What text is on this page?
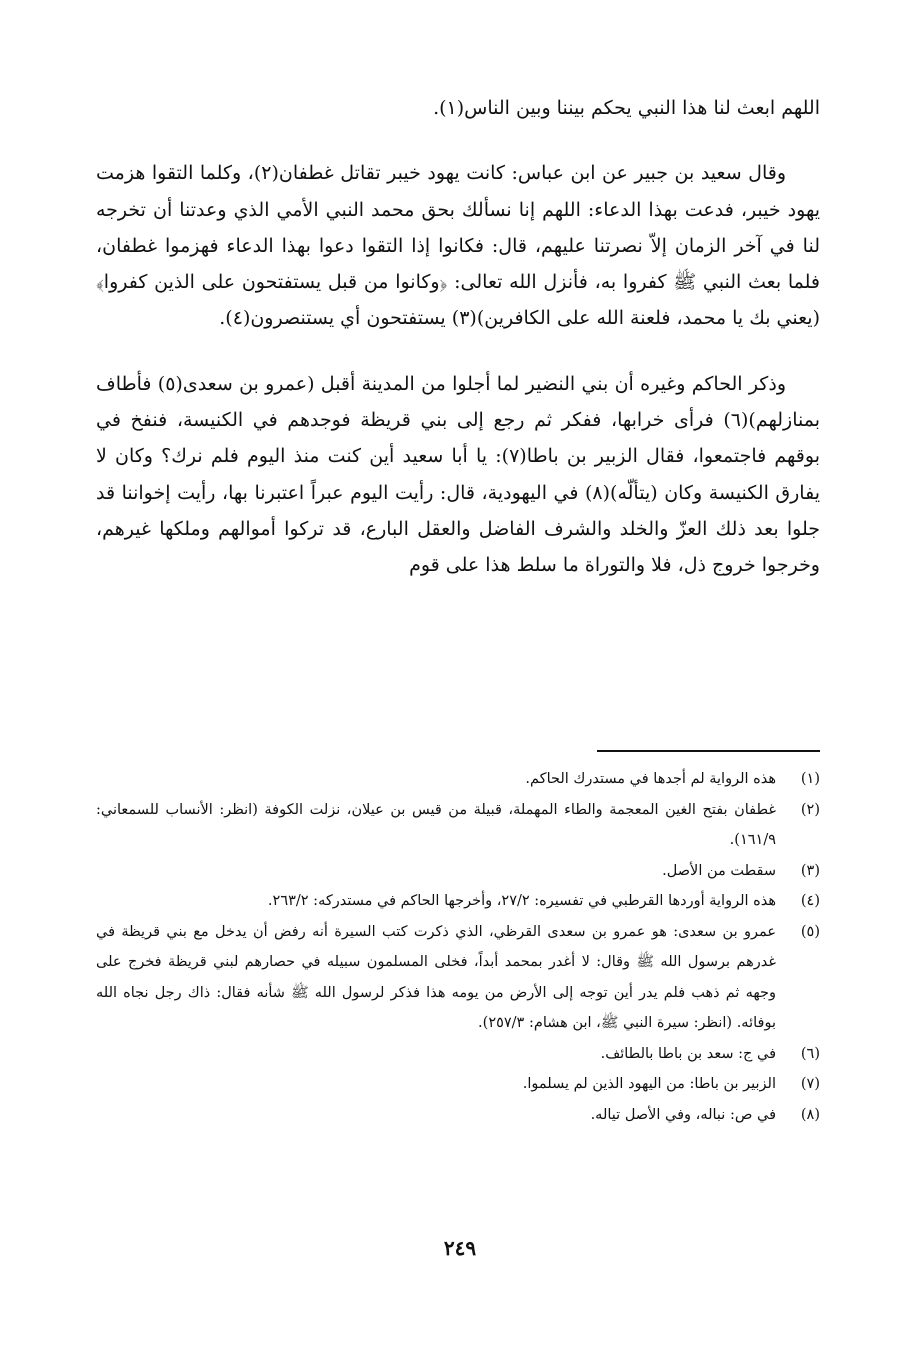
اللهم ابعث لنا هذا النبي يحكم بيننا وبين الناس(١).

وقال سعيد بن جبير عن ابن عباس: كانت يهود خيبر تقاتل غطفان(٢)، وكلما التقوا هزمت يهود خيبر، فدعت بهذا الدعاء: اللهم إنا نسألك بحق محمد النبي الأمي الذي وعدتنا أن تخرجه لنا في آخر الزمان إلاّ نصرتنا عليهم، قال: فكانوا إذا التقوا دعوا بهذا الدعاء فهزموا غطفان، فلما بعث النبي ﷺ كفروا به، فأنزل الله تعالى: ﴿وكانوا من قبل يستفتحون على الذين كفروا﴾ (يعني بك يا محمد، فلعنة الله على الكافرين)(٣) يستفتحون أي يستنصرون(٤).

وذكر الحاكم وغيره أن بني النضير لما أجلوا من المدينة أقبل (عمرو بن سعدى(٥) فأطاف بمنازلهم)(٦) فرأى خرابها، ففكر ثم رجع إلى بني قريظة فوجدهم في الكنيسة، فنفخ في بوقهم فاجتمعوا، فقال الزبير بن باطا(٧): يا أبا سعيد أين كنت منذ اليوم فلم نرك؟ وكان لا يفارق الكنيسة وكان (يتألّه)(٨) في اليهودية، قال: رأيت اليوم عبراً اعتبرنا بها، رأيت إخواننا قد جلوا بعد ذلك العزّ والخلد والشرف الفاضل والعقل البارع، قد تركوا أموالهم وملكها غيرهم، وخرجوا خروج ذل، فلا والتوراة ما سلط هذا على قوم

(١)
هذه الرواية لم أجدها في مستدرك الحاكم.
(٢)
غطفان بفتح الغين المعجمة والطاء المهملة، قبيلة من قيس بن عيلان، نزلت الكوفة (انظر: الأنساب للسمعاني: ١٦١/٩).
(٣)
سقطت من الأصل.
(٤)
هذه الرواية أوردها القرطبي في تفسيره: ٢٧/٢، وأخرجها الحاكم في مستدركه: ٢٦٣/٢.
(٥)
عمرو بن سعدى: هو عمرو بن سعدى القرظي، الذي ذكرت كتب السيرة أنه رفض أن يدخل مع بني قريظة في غدرهم برسول الله ﷺ وقال: لا أغدر بمحمد أبداً، فخلى المسلمون سبيله في حصارهم لبني قريظة فخرج على وجهه ثم ذهب فلم يدر أين توجه إلى الأرض من يومه هذا فذكر لرسول الله ﷺ شأنه فقال: ذاك رجل نجاه الله بوفائه. (انظر: سيرة النبي ﷺ، ابن هشام: ٢٥٧/٣).
(٦)
في ج: سعد بن باطا بالطائف.
(٧)
الزبير بن باطا: من اليهود الذين لم يسلموا.
(٨)
في ص: نباله، وفي الأصل تياله.
٢٤٩
